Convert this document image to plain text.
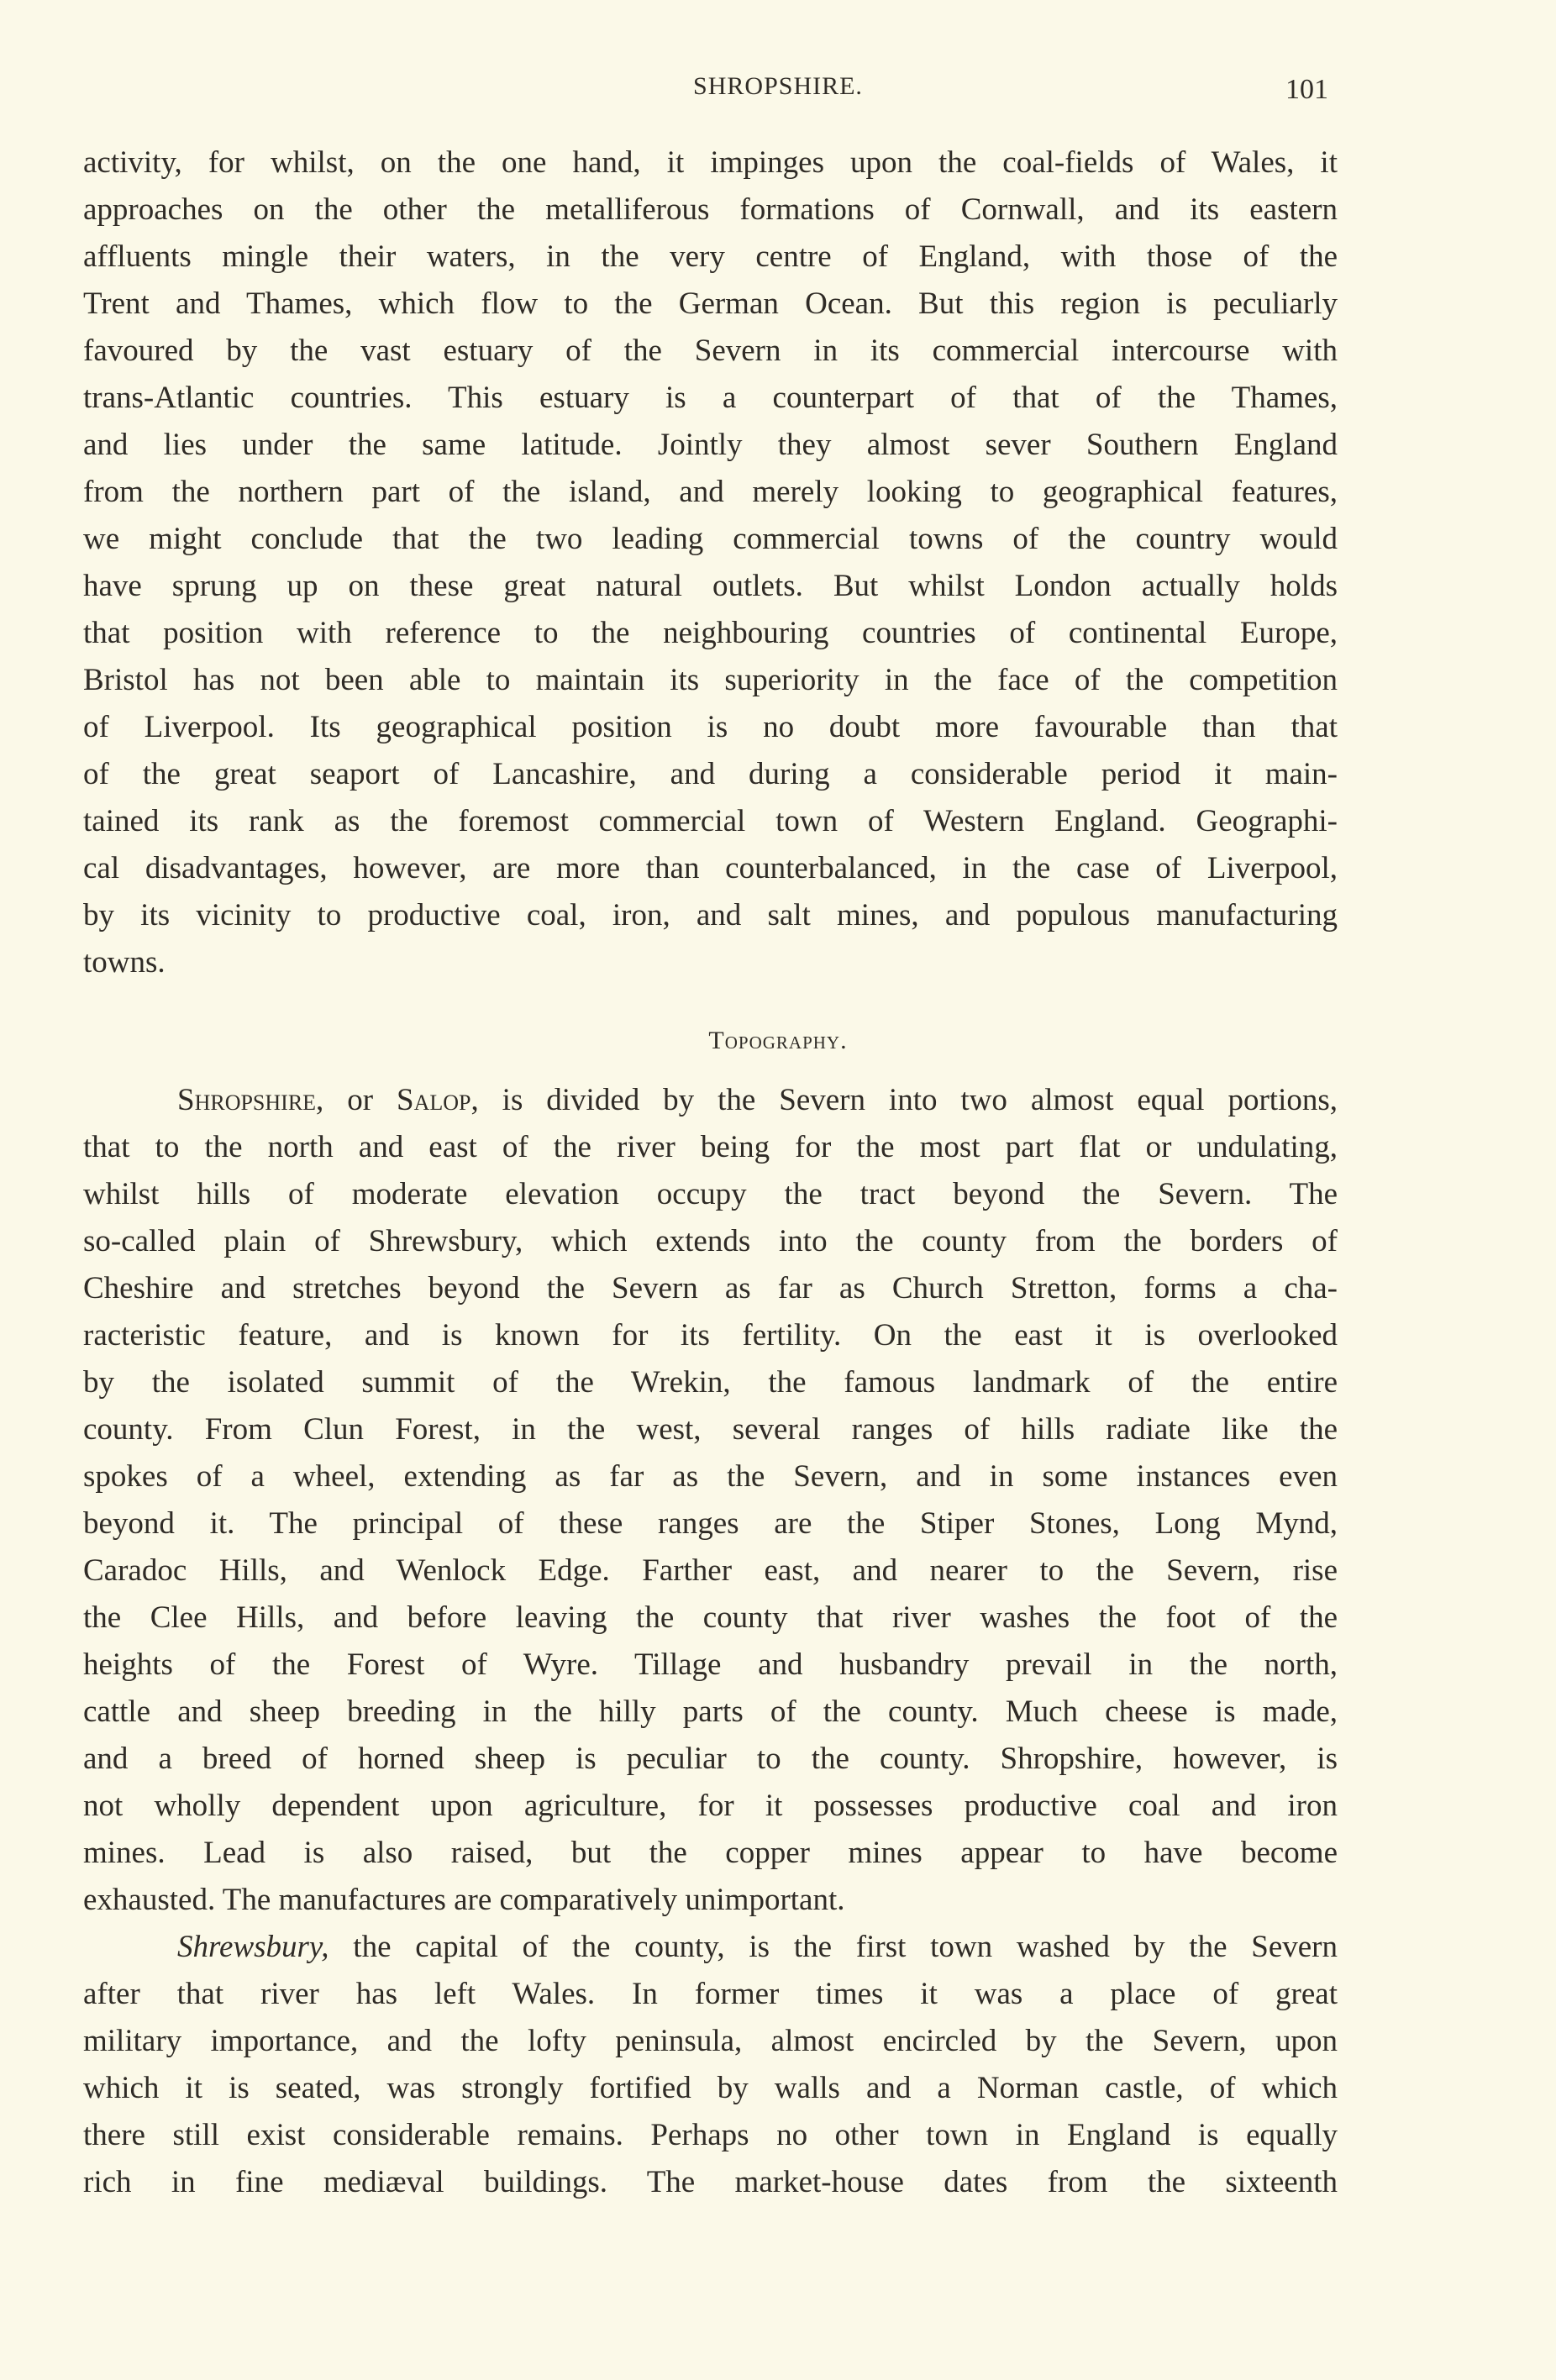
SHROPSHIRE.	101
activity, for whilst, on the one hand, it impinges upon the coal-fields of Wales, it
approaches on the other the metalliferous formations of Cornwall, and its eastern
affluents mingle their waters, in the very centre of England, with those of the
Trent and Thames, which flow to the German Ocean. But this region is peculiarly
favoured by the vast estuary of the Severn in its commercial intercourse with
trans-Atlantic countries. This estuary is a counterpart of that of the Thames,
and lies under the same latitude. Jointly they almost sever Southern England
from the northern part of the island, and merely looking to geographical features,
we might conclude that the two leading commercial towns of the country would
have sprung up on these great natural outlets. But whilst London actually holds
that position with reference to the neighbouring countries of continental Europe,
Bristol has not been able to maintain its superiority in the face of the competition
of Liverpool. Its geographical position is no doubt more favourable than that
of the great seaport of Lancashire, and during a considerable period it main-
tained its rank as the foremost commercial town of Western England. Geographi-
cal disadvantages, however, are more than counterbalanced, in the case of Liverpool,
by its vicinity to productive coal, iron, and salt mines, and populous manufacturing
towns.
Topography.
Shropshire, or Salop, is divided by the Severn into two almost equal portions,
that to the north and east of the river being for the most part flat or undulating,
whilst hills of moderate elevation occupy the tract beyond the Severn. The
so-called plain of Shrewsbury, which extends into the county from the borders of
Cheshire and stretches beyond the Severn as far as Church Stretton, forms a cha-
racteristic feature, and is known for its fertility. On the east it is overlooked
by the isolated summit of the Wrekin, the famous landmark of the entire
county. From Clun Forest, in the west, several ranges of hills radiate like the
spokes of a wheel, extending as far as the Severn, and in some instances even
beyond it. The principal of these ranges are the Stiper Stones, Long Mynd,
Caradoc Hills, and Wenlock Edge. Farther east, and nearer to the Severn, rise
the Clee Hills, and before leaving the county that river washes the foot of the
heights of the Forest of Wyre. Tillage and husbandry prevail in the north,
cattle and sheep breeding in the hilly parts of the county. Much cheese is made,
and a breed of horned sheep is peculiar to the county. Shropshire, however, is
not wholly dependent upon agriculture, for it possesses productive coal and iron
mines. Lead is also raised, but the copper mines appear to have become
exhausted. The manufactures are comparatively unimportant.
Shrewsbury, the capital of the county, is the first town washed by the Severn
after that river has left Wales. In former times it was a place of great
military importance, and the lofty peninsula, almost encircled by the Severn, upon
which it is seated, was strongly fortified by walls and a Norman castle, of which
there still exist considerable remains. Perhaps no other town in England is equally
rich in fine mediæval buildings. The market-house dates from the sixteenth
